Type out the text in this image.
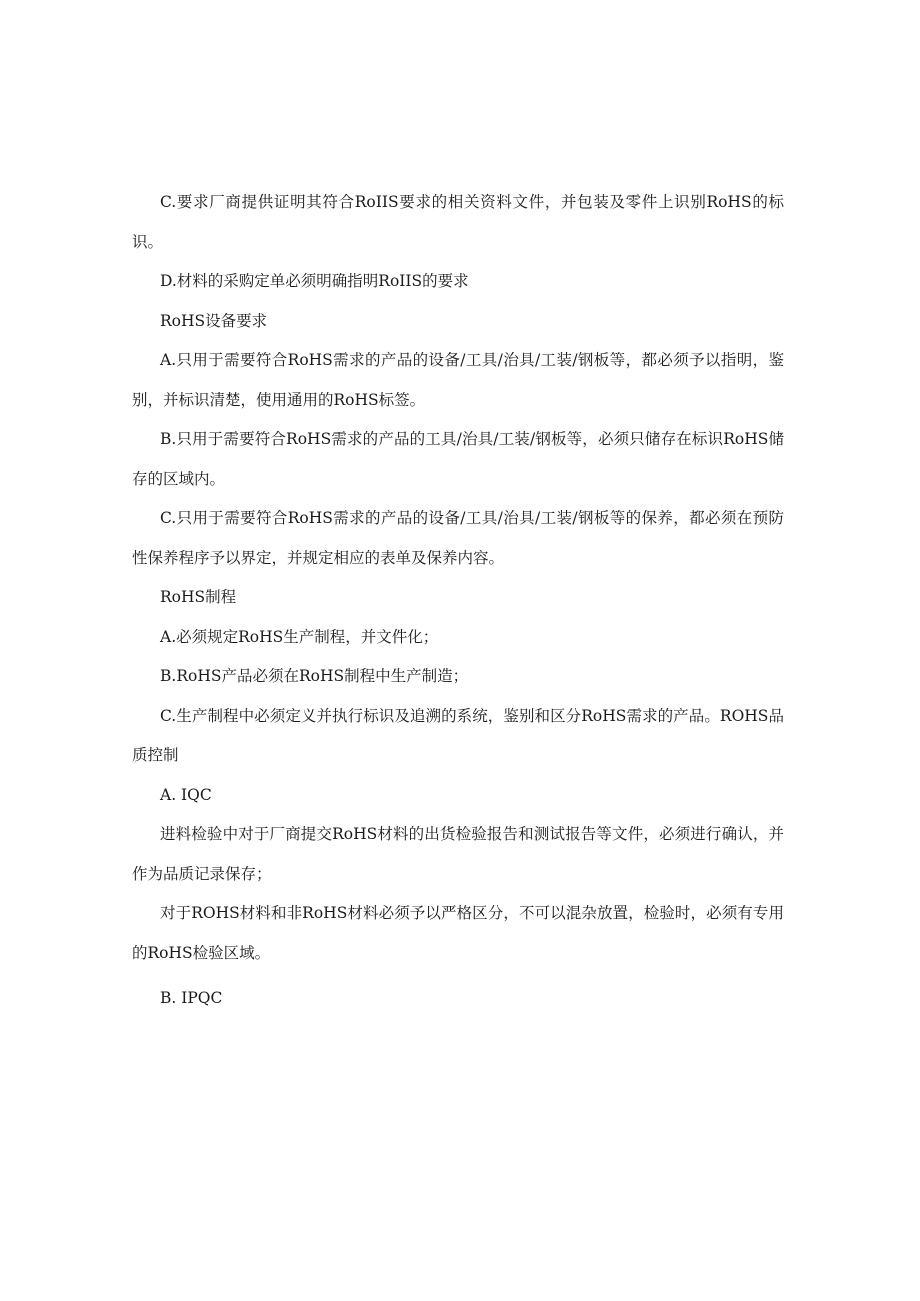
C.要求厂商提供证明其符合RoIIS要求的相关资料文件，并包装及零件上识别RoHS的标识。

D.材料的采购定单必须明确指明RoIIS的要求

RoHS设备要求

A.只用于需要符合RoHS需求的产品的设备/工具/治具/工装/钢板等，都必须予以指明，鉴别，并标识清楚，使用通用的RoHS标签。

B.只用于需要符合RoHS需求的产品的工具/治具/工装/钢板等，必须只储存在标识RoHS储存的区域内。

C.只用于需要符合RoHS需求的产品的设备/工具/治具/工装/钢板等的保养，都必须在预防性保养程序予以界定，并规定相应的表单及保养内容。

RoHS制程

A.必须规定RoHS生产制程，并文件化；

B.RoHS产品必须在RoHS制程中生产制造；

C.生产制程中必须定义并执行标识及追溯的系统，鉴别和区分RoHS需求的产品。ROHS品质控制

A. IQC

进料检验中对于厂商提交RoHS材料的出货检验报告和测试报告等文件，必须进行确认，并作为品质记录保存；

对于ROHS材料和非RoHS材料必须予以严格区分，不可以混杂放置，检验时，必须有专用的RoHS检验区域。

B. IPQC
